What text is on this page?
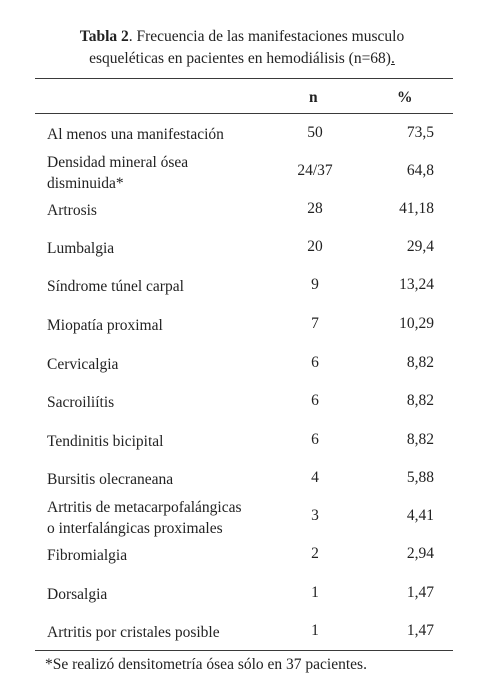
Tabla 2. Frecuencia de las manifestaciones musculo
esqueléticas en pacientes en hemodiálisis (n=68).
n	%
Al menos una manifestación	50	73,5
Densidad mineral ósea
disminuida*
24/37	64,8
Artrosis	28	41,18
Lumbalgia	20	29,4
Síndrome túnel carpal	9	13,24
Miopatía proximal	7	10,29
Cervicalgia	6	8,82
Sacroiliítis	6	8,82
Tendinitis bicipital	6	8,82
Bursitis olecraneana	4	5,88
Artritis de metacarpofalángicas
o interfalángicas proximales
3	4,41
Fibromialgia	2	2,94
Dorsalgia	1	1,47
Artritis por cristales posible	1	1,47
*Se realizó densitometría ósea sólo en 37 pacientes.
